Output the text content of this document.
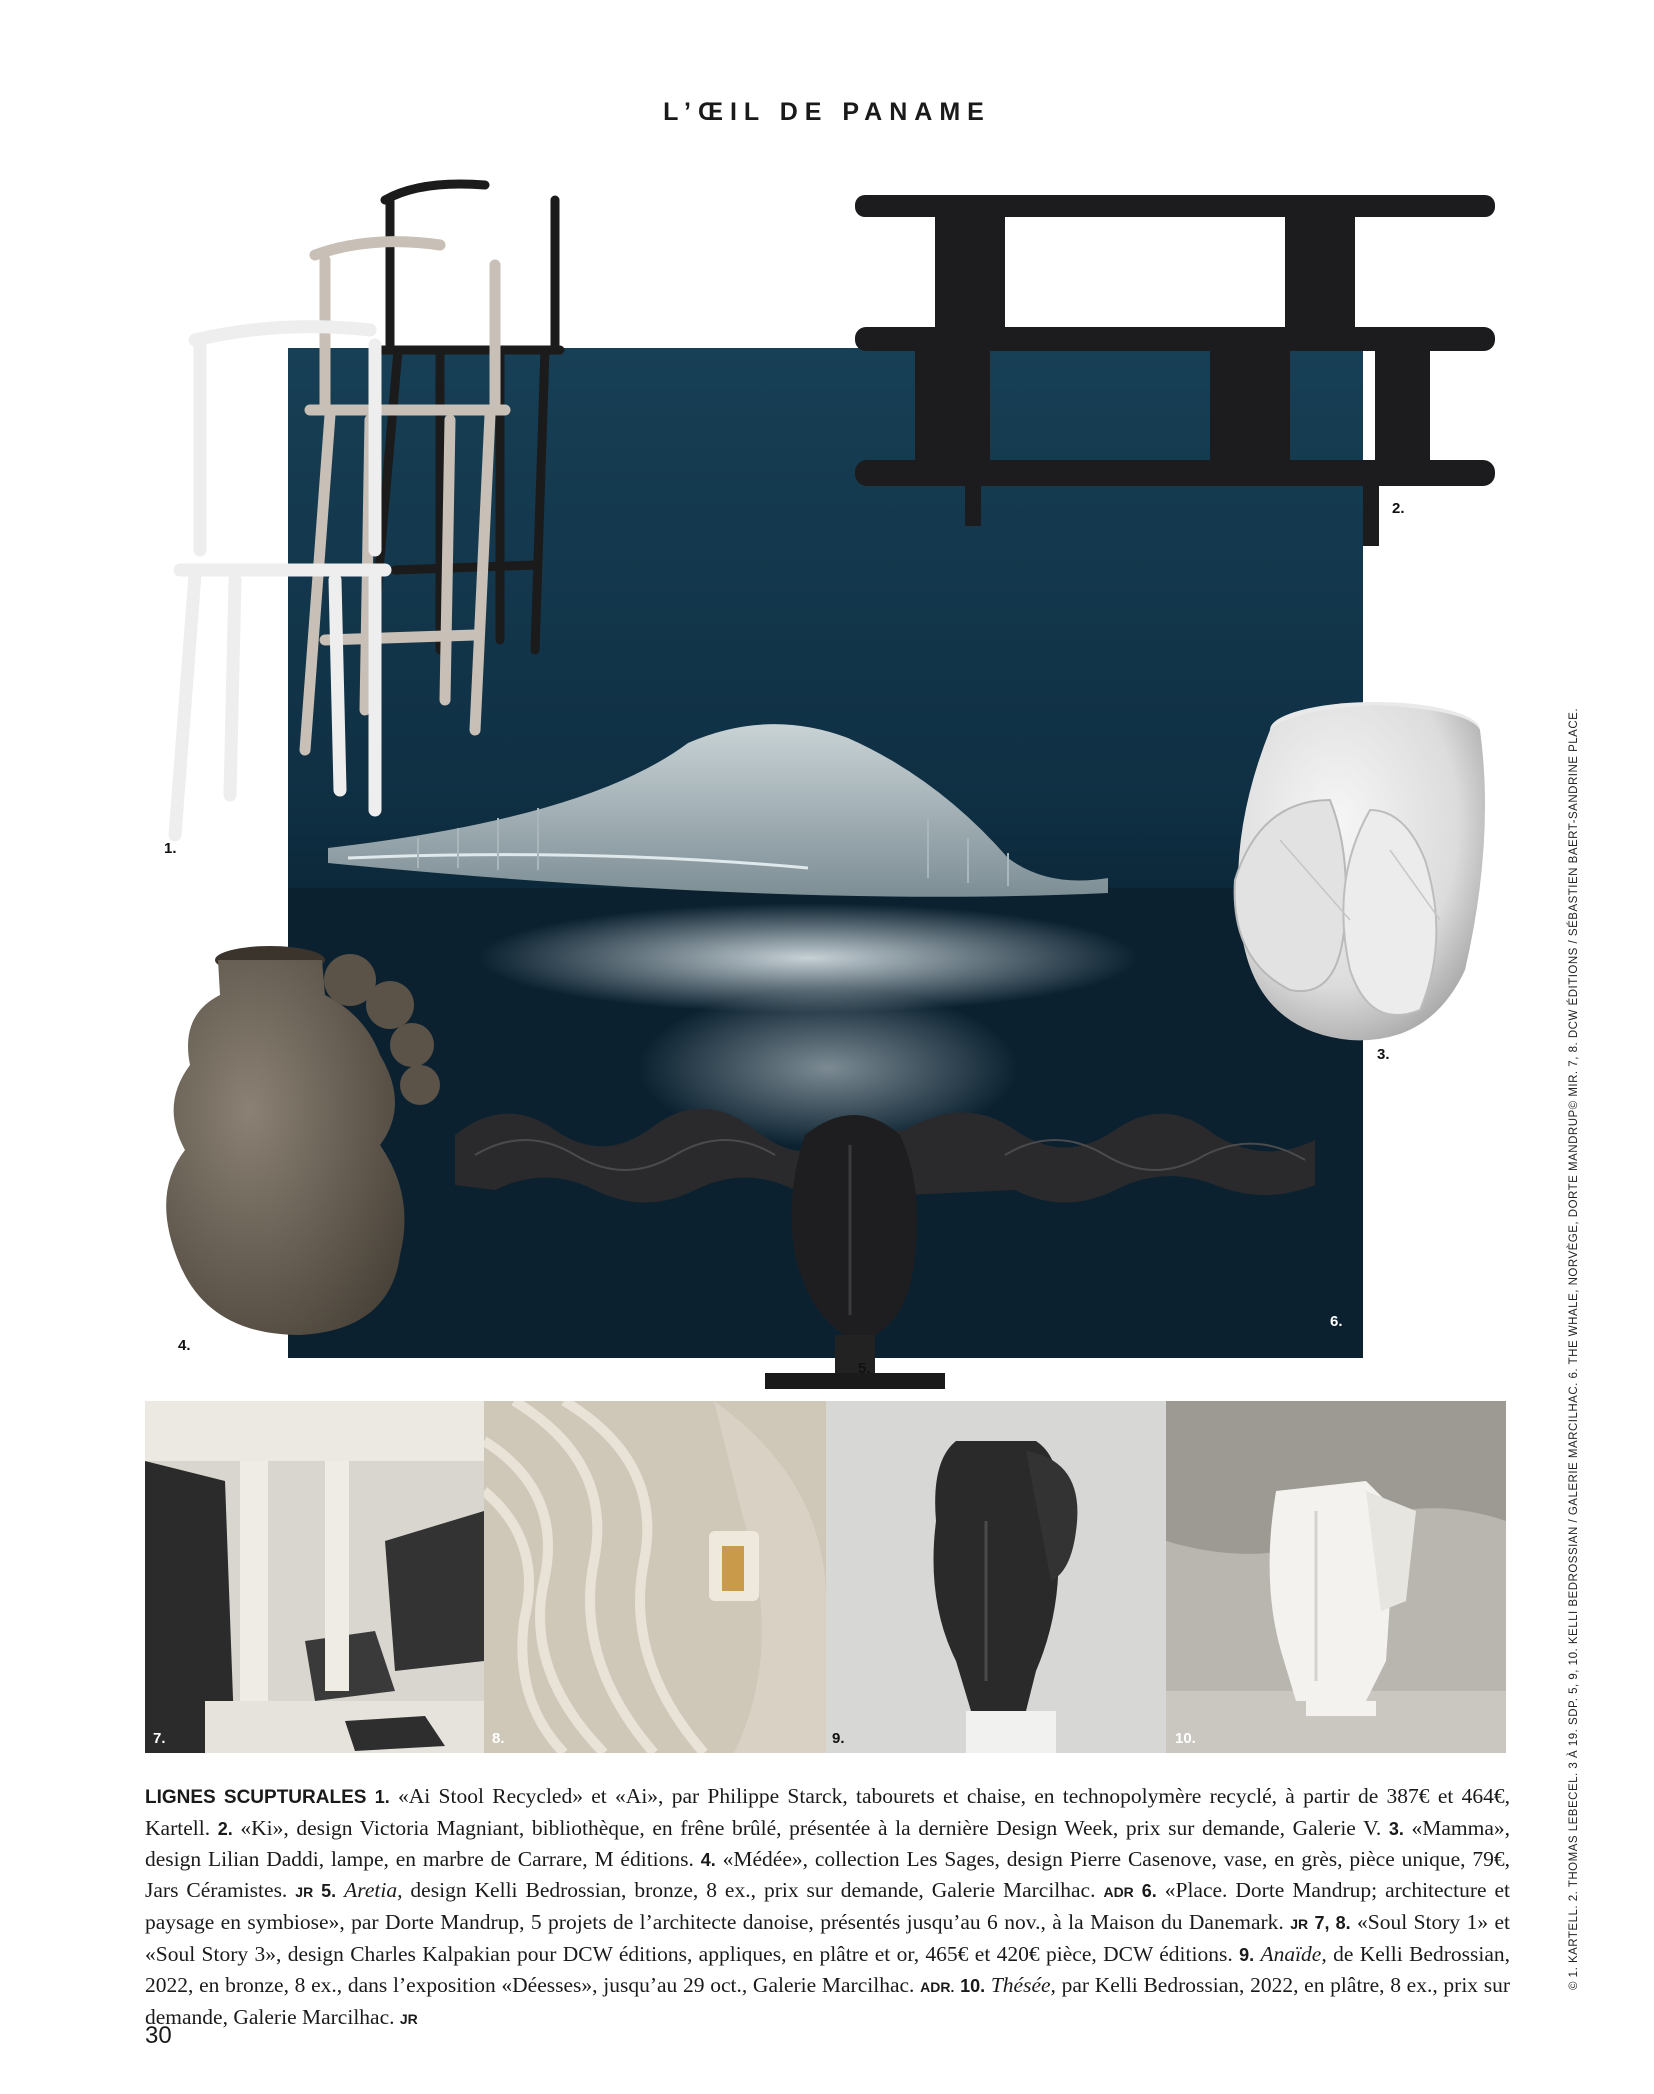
L’ŒIL DE PANAME
1.
2.
3.
4.
5.
6.
7.	8.	9.	10.
LIGNES SCUPTURALES 1. «Ai Stool Recycled» et «Ai», par Philippe Starck, tabourets et chaise, en technopolymère recyclé, à partir de 387€ et 464€, Kartell. 2. «Ki», design Victoria Magniant, bibliothèque, en frêne brûlé, présentée à la dernière Design Week, prix sur demande, Galerie V. 3. «Mamma», design Lilian Daddi, lampe, en marbre de Carrare, M éditions. 4. «Médée», collection Les Sages, design Pierre Casenove, vase, en grès, pièce unique, 79€, Jars Céramistes. JR 5. Aretia, design Kelli Bedrossian, bronze, 8 ex., prix sur demande, Galerie Marcilhac. ADR 6. «Place. Dorte Mandrup; architecture et paysage en symbiose», par Dorte Mandrup, 5 projets de l’architecte danoise, présentés jusqu’au 6 nov., à la Maison du Danemark. JR 7, 8. «Soul Story 1» et «Soul Story 3», design Charles Kalpakian pour DCW éditions, appliques, en plâtre et or, 465€ et 420€ pièce, DCW éditions. 9. Anaïde, de Kelli Bedrossian, 2022, en bronze, 8 ex., dans l’exposition «Déesses», jusqu’au 29 oct., Galerie Marcilhac. ADR. 10. Thésée, par Kelli Bedrossian, 2022, en plâtre, 8 ex., prix sur demande, Galerie Marcilhac. JR
30
© 1. KARTELL. 2. THOMAS LEBECEL. 3 À 19. SDP. 5, 9, 10. KELLI BEDROSSIAN / GALERIE MARCILHAC. 6. THE WHALE, NORVÈGE, DORTE MANDRUP© MIR. 7, 8. DCW ÉDITIONS / SÉBASTIEN BAERT-SANDRINE PLACE.
